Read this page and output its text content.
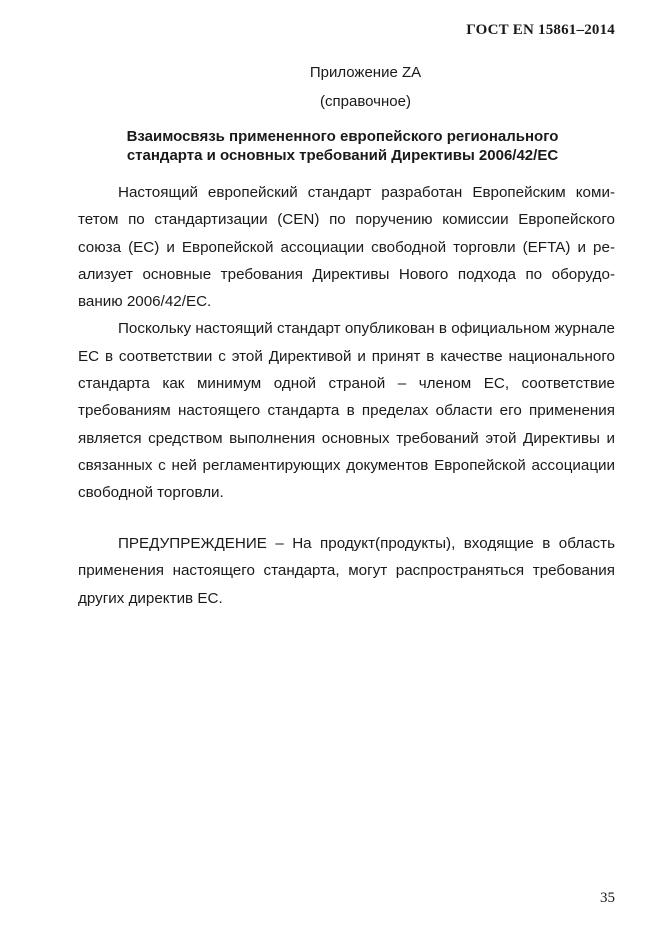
ГОСТ EN 15861–2014
Приложение ZA
(справочное)
Взаимосвязь примененного европейского регионального
стандарта и основных требований Директивы 2006/42/ЕС

Настоящий европейский стандарт разработан Европейским комитетом по стандартизации (CEN) по поручению комиссии Европейского союза (ЕС) и Европейской ассоциации свободной торговли (EFTA) и реализует основные требования Директивы Нового подхода по оборудованию 2006/42/ЕС.

Поскольку настоящий стандарт опубликован в официальном журнале ЕС в соответствии с этой Директивой и принят в качестве национального стандарта как минимум одной страной – членом ЕС, соответствие требованиям настоящего стандарта в пределах области его применения является средством выполнения основных требований этой Директивы и связанных с ней регламентирующих документов Европейской ассоциации свободной торговли.

ПРЕДУПРЕЖДЕНИЕ – На продукт(продукты), входящие в область применения настоящего стандарта, могут распространяться требования других директив ЕС.

35
